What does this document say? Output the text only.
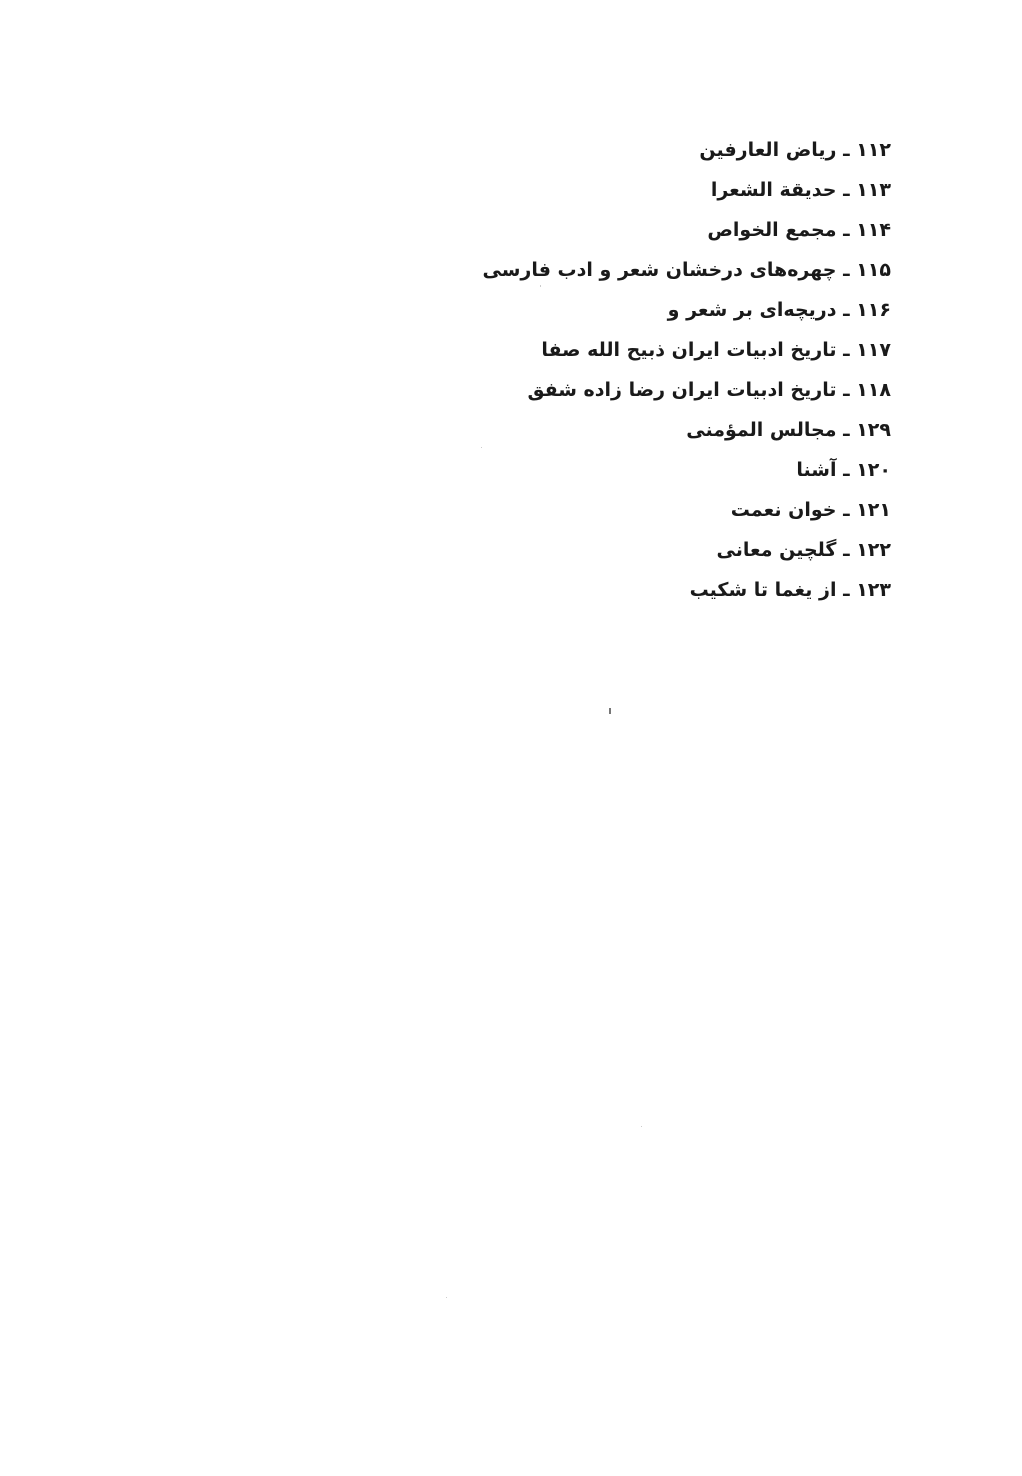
۱۱۲ ـ ریاض العارفین
۱۱۳ ـ حدیقة الشعرا
۱۱۴ ـ مجمع الخواص
۱۱۵ ـ چهره‌های درخشان شعر و ادب فارسی
۱۱۶ ـ دریچه‌ای بر شعر و
۱۱۷ ـ تاریخ ادبیات ایران ذبیح الله صفا
۱۱۸ ـ تاریخ ادبیات ایران رضا زاده شفق
۱۲۹ ـ مجالس المؤمنی
۱۲۰ ـ آشنا
۱۲۱ ـ خوان نعمت
۱۲۲ ـ گلچین معانی
۱۲۳ ـ از یغما تا شکیب
